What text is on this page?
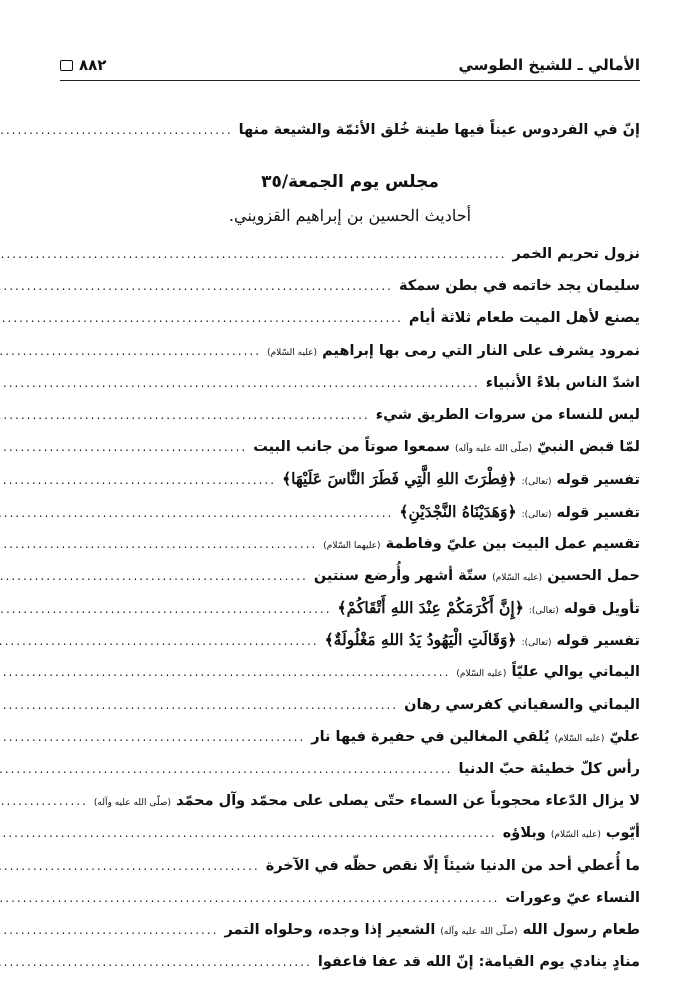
الأمالي ـ للشيخ الطوسي
٨٨٢
إنّ في الفردوس عيناً فيها طينة خُلق الأئمّة والشيعة منها
.....
مجلس يوم الجمعة/٣٥
أحاديث الحسين بن إبراهيم القزويني.
نزول تحريم الخمر
.....
سليمان يجد خاتمه في بطن سمكة
.....
يصنع لأهل الميت طعام ثلاثة أيام
.....
نمرود يشرف على النار التي رمى بها إبراهيم (عليه السّلام)
.....
اشدّ الناس بلاءً الأنبياء
.....
ليس للنساء من سروات الطريق شيء
.....
لمّا قبض النبيّ (صلّى الله عليه وآله) سمعوا صوتاً من جانب البيت
.....
تفسير قوله (تعالى): ﴿فِطْرَتَ اللهِ الَّتِي فَطَرَ النَّاسَ عَلَيْهَا﴾
.....
تفسير قوله (تعالى): ﴿وَهَدَيْنَاهُ النَّجْدَيْنِ﴾
.....
تقسيم عمل البيت بين عليّ وفاطمة (عليهما السّلام)
.....
حمل الحسين (عليه السّلام) ستّة أشهر وأُرضع سنتين
.....
تأويل قوله (تعالى): ﴿إِنَّ أَكْرَمَكُمْ عِنْدَ اللهِ أَتْقَاكُمْ﴾
.....
تفسير قوله (تعالى): ﴿وَقَالَتِ الْيَهُودُ يَدُ اللهِ مَغْلُولَةٌ﴾
.....
اليماني يوالي عليّاً (عليه السّلام)
.....
اليماني والسفياني كفرسي رهان
.....
عليّ (عليه السّلام) يُلقي المغالين في حفيرة فيها نار
.....
رأس كلّ خطيئة حبّ الدنيا
.....
لا يزال الدّعاء محجوباً عن السماء حتّى يصلى على محمّد وآل محمّد (صلّى الله عليه وآله)
.....
أيّوب (عليه السّلام) وبلاؤه
.....
ما أُعطي أحد من الدنيا شيئاً إلّا نقص حظّه في الآخرة
.....
النساء عيّ وعورات
.....
طعام رسول الله (صلّى الله عليه وآله) الشعير إذا وجده، وحلواه التمر
.....
منادٍ ينادي يوم القيامة: إنّ الله قد عفا فاعفوا
.....
